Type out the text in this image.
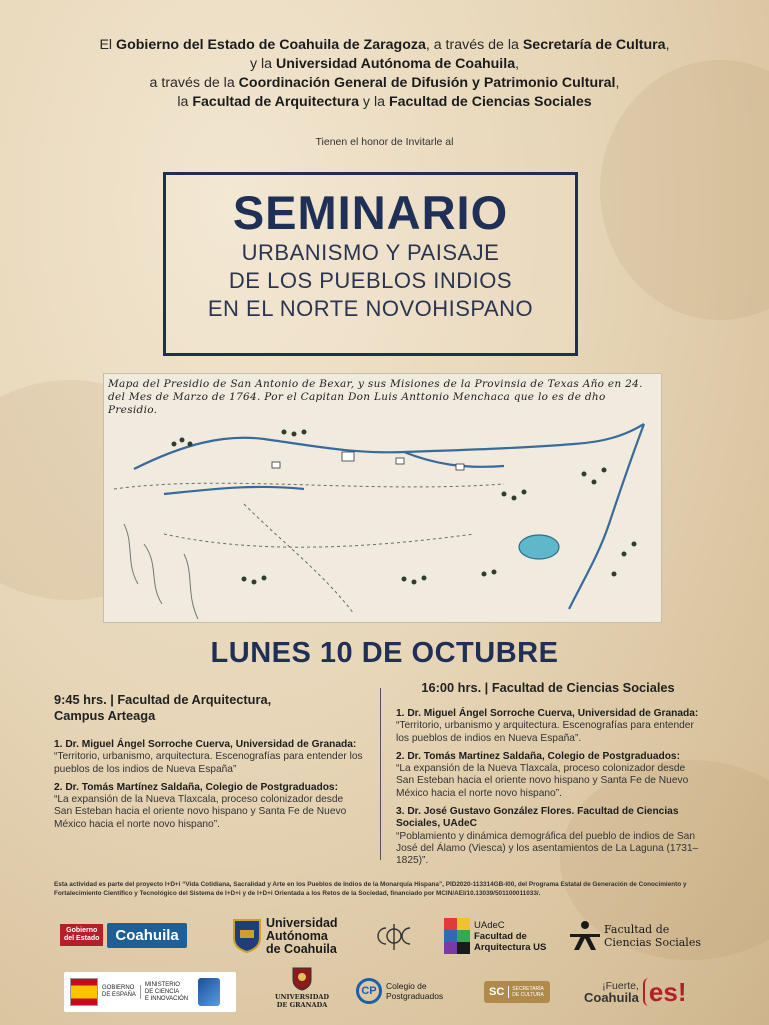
El Gobierno del Estado de Coahuila de Zaragoza, a través de la Secretaría de Cultura,
y la Universidad Autónoma de Coahuila,
a través de la Coordinación General de Difusión y Patrimonio Cultural,
la Facultad de Arquitectura y la Facultad de Ciencias Sociales
Tienen el honor de Invitarle al
SEMINARIO
URBANISMO Y PAISAJE
DE LOS PUEBLOS INDIOS
EN EL NORTE NOVOHISPANO
Mapa del Presidio de San Antonio de Bexar, y sus Misiones de la Provinsia de Texas Año en 24.
del Mes de Marzo de 1764. Por el Capitan Don Luis Anttonio Menchaca que lo es de dho Presidio.
LUNES 10 DE OCTUBRE
9:45 hrs. | Facultad de Arquitectura,
Campus Arteaga
1. Dr. Miguel Ángel Sorroche Cuerva, Universidad de Granada:
“Territorio, urbanismo, arquitectura. Escenografías para entender los pueblos de los indios de Nueva España”
2. Dr. Tomás Martínez Saldaña, Colegio de Postgraduados:
“La expansión de la Nueva Tlaxcala, proceso colonizador desde San Esteban hacia el oriente novo hispano y Santa Fe de Nuevo México hacia el norte novo hispano”.
16:00 hrs. | Facultad de Ciencias Sociales
1. Dr. Miguel Ángel Sorroche Cuerva, Universidad de Granada:
“Territorio, urbanismo y arquitectura. Escenografías para entender los pueblos de indios en Nueva España”.
2. Dr. Tomás Martinez Saldaña, Colegio de Postgraduados:
“La expansión de la Nueva Tlaxcala, proceso colonizador desde San Esteban hacia el oriente novo hispano y Santa Fe de Nuevo México hacia el norte novo hispano”.
3. Dr. José Gustavo González Flores. Facultad de Ciencias Sociales, UAdeC
“Poblamiento y dinámica demográfica del pueblo de indios de San José del Álamo (Viesca) y los asentamientos de La Laguna (1731–1825)”.
Esta actividad es parte del proyecto I+D+i “Vida Cotidiana, Sacralidad y Arte en los Pueblos de Indios de la Monarquía Hispana”, PID2020-113314GB-I00, del Programa Estatal de Generación de Conocimiento y Fortalecimiento Científico y Tecnológico del Sistema de I+D+i y de I+D+i Orientada a los Retos de la Sociedad, financiado por MCIN/AEI/10.13039/501100011033/.
Gobierno
del Estado	Coahuila
Universidad
Autónoma
de Coahuila
UAdeC
Facultad de
Arquitectura US
Facultad de
Ciencias Sociales
GOBIERNO
DE ESPAÑA
MINISTERIO
DE CIENCIA
E INNOVACIÓN	UNIVERSIDAD
DE GRANADA
CP	Colegio de
Postgraduados	SC SECRETARÍA
DE CULTURA
¡Fuerte,
Coahuila es!
